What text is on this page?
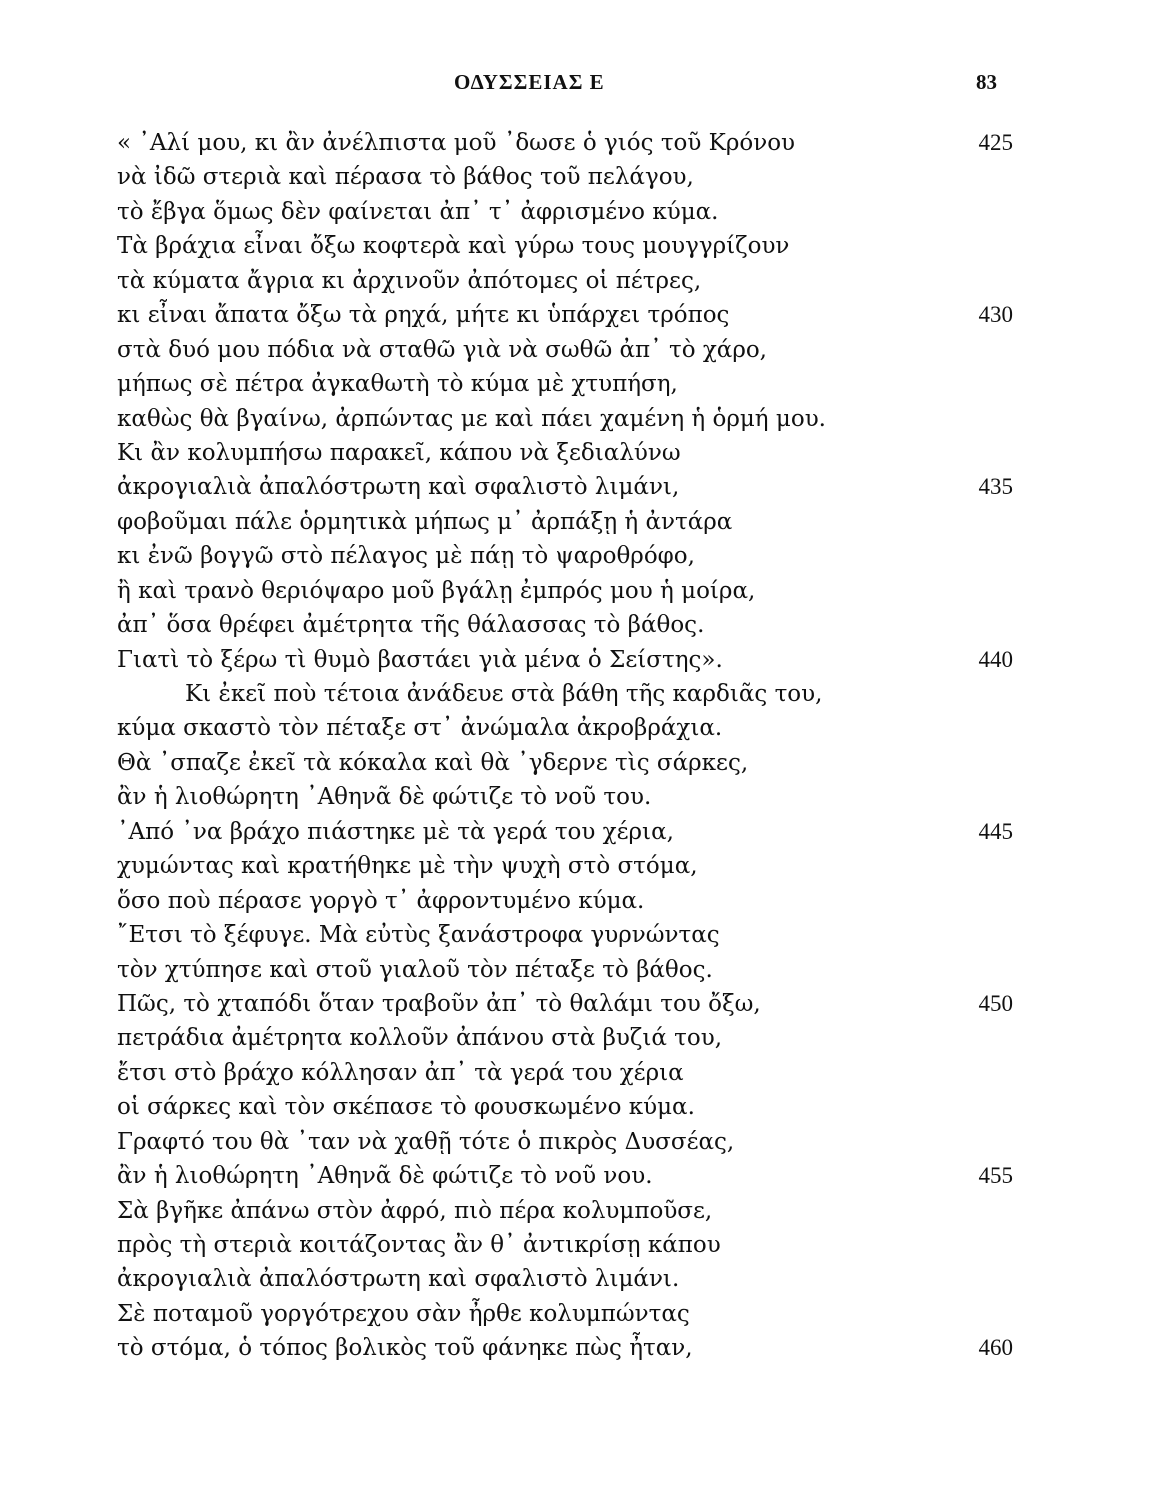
ΟΔΥΣΣΕΙΑΣ Ε	83
« ᾿Αλί μου, κι ἂν ἀνέλπιστα μοῦ ᾿δωσε ὁ γιός τοῦ Κρόνου	425
νὰ ἰδῶ στεριὰ καὶ πέρασα τὸ βάθος τοῦ πελάγου,
τὸ ἔβγα ὅμως δὲν φαίνεται ἀπ᾿ τ᾿ ἀφρισμένο κύμα.
Τὰ βράχια εἶναι ὄξω κοφτερὰ καὶ γύρω τους μουγγρίζουν
τὰ κύματα ἄγρια κι ἀρχινοῦν ἀπότομες οἱ πέτρες,
κι εἶναι ἄπατα ὄξω τὰ ρηχά, μήτε κι ὑπάρχει τρόπος	430
στὰ δυό μου πόδια νὰ σταθῶ γιὰ νὰ σωθῶ ἀπ᾿ τὸ χάρο,
μήπως σὲ πέτρα ἀγκαθωτὴ τὸ κύμα μὲ χτυπήση,
καθὼς θὰ βγαίνω, ἀρπώντας με καὶ πάει χαμένη ἡ ὁρμή μου.
Κι ἂν κολυμπήσω παρακεῖ, κάπου νὰ ξεδιαλύνω
ἀκρογιαλιὰ ἀπαλόστρωτη καὶ σφαλιστὸ λιμάνι,	435
φοβοῦμαι πάλε ὁρμητικὰ μήπως μ᾿ ἀρπάξῃ ἡ ἀντάρα
κι ἐνῶ βογγῶ στὸ πέλαγος μὲ πάῃ τὸ ψαροθρόφο,
ἢ καὶ τρανὸ θεριόψαρο μοῦ βγάλῃ ἐμπρός μου ἡ μοίρα,
ἀπ᾿ ὅσα θρέφει ἀμέτρητα τῆς θάλασσας τὸ βάθος.
Γιατὶ τὸ ξέρω τὶ θυμὸ βαστάει γιὰ μένα ὁ Σείστης».	440
Κι ἐκεῖ ποὺ τέτοια ἀνάδευε στὰ βάθη τῆς καρδιᾶς του,
κύμα σκαστὸ τὸν πέταξε στ᾿ ἀνώμαλα ἀκροβράχια.
Θὰ ᾿σπαζε ἐκεῖ τὰ κόκαλα καὶ θὰ ᾿γδερνε τὶς σάρκες,
ἂν ἡ λιοθώρητη ᾿Αθηνᾶ δὲ φώτιζε τὸ νοῦ του.
᾿Από ᾿να βράχο πιάστηκε μὲ τὰ γερά του χέρια,	445
χυμώντας καὶ κρατήθηκε μὲ τὴν ψυχὴ στὸ στόμα,
ὅσο ποὺ πέρασε γοργὸ τ᾿ ἀφροντυμένο κύμα.
῎Ετσι τὸ ξέφυγε. Μὰ εὐτὺς ξανάστροφα γυρνώντας
τὸν χτύπησε καὶ στοῦ γιαλοῦ τὸν πέταξε τὸ βάθος.
Πῶς, τὸ χταπόδι ὅταν τραβοῦν ἀπ᾿ τὸ θαλάμι του ὄξω,	450
πετράδια ἀμέτρητα κολλοῦν ἀπάνου στὰ βυζιά του,
ἔτσι στὸ βράχο κόλλησαν ἀπ᾿ τὰ γερά του χέρια
οἱ σάρκες καὶ τὸν σκέπασε τὸ φουσκωμένο κύμα.
Γραφτό του θὰ ᾿ταν νὰ χαθῇ τότε ὁ πικρὸς Δυσσέας,
ἂν ἡ λιοθώρητη ᾿Αθηνᾶ δὲ φώτιζε τὸ νοῦ νου.	455
Σὰ βγῆκε ἀπάνω στὸν ἀφρό, πιὸ πέρα κολυμποῦσε,
πρὸς τὴ στεριὰ κοιτάζοντας ἂν θ᾿ ἀντικρίσῃ κάπου
ἀκρογιαλιὰ ἀπαλόστρωτη καὶ σφαλιστὸ λιμάνι.
Σὲ ποταμοῦ γοργότρεχου σὰν ἦρθε κολυμπώντας
τὸ στόμα, ὁ τόπος βολικὸς τοῦ φάνηκε πὼς ἦταν,	460
